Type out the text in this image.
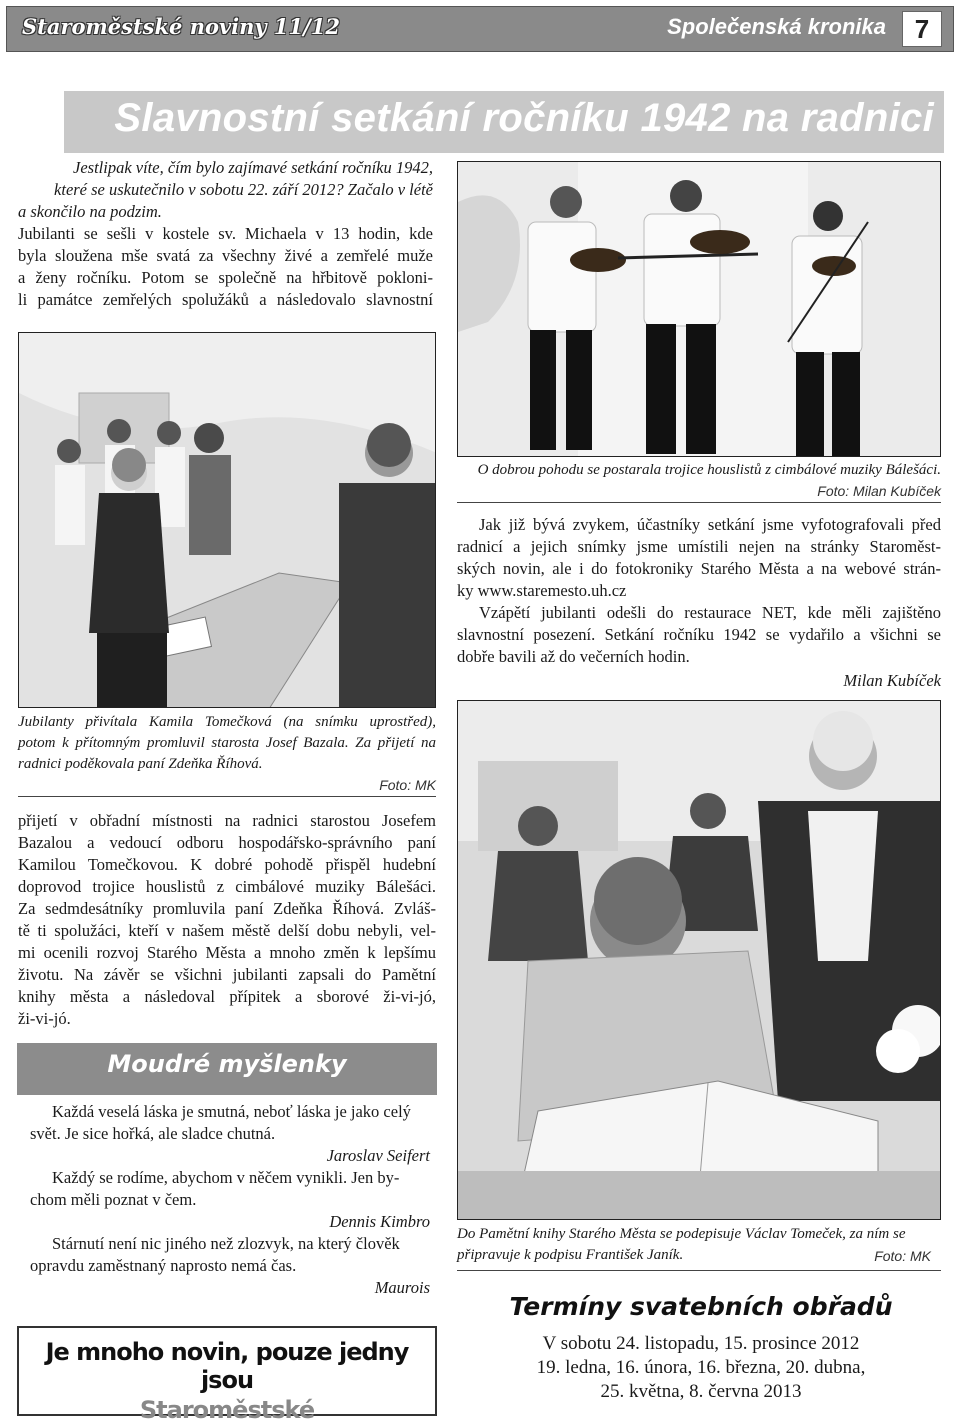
Staroměstské noviny 11/12	Společenská kronika	7
Slavnostní setkání ročníku 1942 na radnici
Jestlipak víte, čím bylo zajímavé setkání ročníku 1942,
které se uskutečnilo v sobotu 22. září 2012? Začalo v létě
a skončilo na podzim.
Jubilanti se sešli v kostele sv. Michaela v 13 hodin, kde
byla sloužena mše svatá za všechny živé a zemřelé muže
a ženy ročníku. Potom se společně na hřbitově pokloni-
li památce zemřelých spolužáků a následovalo slavnostní
O dobrou pohodu se postarala trojice houslistů z cimbálové muziky Bálešáci.
Foto: Milan Kubíček
Jak již bývá zvykem, účastníky setkání jsme vyfotografovali před
radnicí a jejich snímky jsme umístili nejen na stránky Staroměst-
ských novin, ale i do fotokroniky Starého Města a na webové strán-
ky www.staremesto.uh.cz
Vzápětí jubilanti odešli do restaurace NET, kde měli zajištěno
slavnostní posezení. Setkání ročníku 1942 se vydařilo a všichni se
dobře bavili až do večerních hodin.
Milan Kubíček
Jubilanty přivítala Kamila Tomečková (na snímku uprostřed),
potom k přítomným promluvil starosta Josef Bazala. Za přijetí na
radnici poděkovala paní Zdeňka Říhová.
Foto: MK
přijetí v obřadní místnosti na radnici starostou Josefem
Bazalou a vedoucí odboru hospodářsko-správního paní
Kamilou Tomečkovou. K dobré pohodě přispěl hudební
doprovod trojice houslistů z cimbálové muziky Bálešáci.
Za sedmdesátníky promluvila paní Zdeňka Říhová. Zvláš-
tě ti spolužáci, kteří v našem městě delší dobu nebyli, vel-
mi ocenili rozvoj Starého Města a mnoho změn k lepšímu
životu. Na závěr se všichni jubilanti zapsali do Pamětní
knihy města a následoval přípitek a sborové ži-vi-jó,
ži-vi-jó.
Do Pamětní knihy Starého Města se podepisuje Václav Tomeček, za ním se
připravuje k podpisu František Janík.	Foto: MK
Moudré myšlenky
Každá veselá láska je smutná, neboť láska je jako celý
svět. Je sice hořká, ale sladce chutná.
Jaroslav Seifert
Každý se rodíme, abychom v něčem vynikli. Jen by-
chom měli poznat v čem.
Dennis Kimbro
Stárnutí není nic jiného než zlozvyk, na který člověk
opravdu zaměstnaný naprosto nemá čas.
Maurois
Je mnoho novin, pouze jedny jsou
Staroměstské
Termíny svatebních obřadů
V sobotu 24. listopadu, 15. prosince 2012
19. ledna, 16. února, 16. března, 20. dubna,
25. května, 8. června 2013
